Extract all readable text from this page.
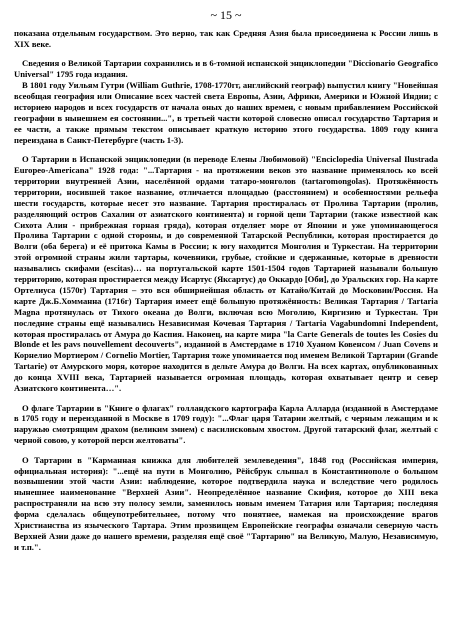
~ 15 ~

показана отдельным государством. Это верно, так как Средняя Азия была присоединена к России лишь в XIX веке.

Сведения о Великой Тартарии сохранились и в 6-томной испанской энциклопедии "Diccionario Geografico Universal" 1795 года издания.

В 1801 году Уильям Гутри (William Guthrie, 1708-1770гг, английский географ) выпустил книгу "Новейшая всеобщая география или Описание всех частей света Европы, Азии, Африки, Америки и Южной Индии; с историею народов и всех государств от начала оных до наших времен, с новым прибавлением Российской географии в нынешнем ея состоянии...", в третьей части которой словесно описал государство Тартария и ее части, а также прямым текстом описывает краткую историю этого государства. 1809 году книга переиздана в Санкт-Петербурге (часть 1-3).

О Тартарии в Испанской энциклопедии (в переводе Елены Любимовой) "Enciclopedia Universal Ilustrada Europeo-Americana" 1928 года: "...Тартария - на протяжении веков это название применялось ко всей территории внутренней Азии, населённой ордами татаро-монголов (tartaromongolas). Протяжённость территории, носившей такое название, отличается площадью (расстоянием) и особенностями рельефа шести государств, которые несет это название. Тартария простиралась от Пролива Тартарии (пролив, разделяющий остров Сахалин от азиатского континента) и горной цепи Тартарии (также известной как Сихота Алин - прибрежная горная гряда), которая отделяет море от Японии и уже упоминающегося Пролива Тартарии с одной стороны, и до современной Татарской Республики, которая простирается до Волги (оба берега) и её притока Камы в России; к югу находится Монголия и Туркестан. На территории этой огромной страны жили тартары, кочевники, грубые, стойкие и сдержанные, которые в древности назывались скифами (escitas)… на португальской карте 1501-1504 годов Тартарией называли большую территорию, которая простирается между Иcартус (Яксартус) до Оккардо [Оби], до Уральских гор. На карте Ортелиуса (1570г) Тартария – это вся обширнейшая область от Катайо/Китай до Московии/Россия. На карте Дж.Б.Хомманна (1716г) Тартария имеет ещё большую протяжённость: Великая Тартария / Tartaria Magna протянулась от Тихого океана до Волги, включая всю Моголию, Киргизию и Туркестан. Три последние страны ещё назывались Независимая Кочевая Тартария / Tartaria Vagabundomni Independent, которая простиралась от Амура до Каспия. Наконец, на карте мира "la Carte Generals de toutes les Cosies du Blonde et les pavs nouvellement decouverts", изданной в Амстердаме в 1710 Хуаном Ковенсом / Juan Covens и Корнелио Мортиером / Cornelio Mortier, Тартария тоже упоминается под именем Великой Тартарии (Grande Tartarie) от Амурского моря, которое находится в дельте Амура до Волги. На всех картах, опубликованных до конца XVIII века, Тартарией называется огромная площадь, которая охватывает центр и север Азиатского континента…".

О флаге Тартарии в "Книге о флагах" голландского картографа Карла Алларда (изданной в Амстердаме в 1705 году и переизданной в Москве в 1709 году): "...Флаг царя Татарии желтый, с черным лежащим и к наружью смотрящим драхом (великим змием) с василисковым хвостом. Другой татарский флаг, желтый с черной совою, у которой перси желтоваты".

О Тартарии в "Карманная книжка для любителей землеведения", 1848 год (Российская империя, официальная история): "...ещё на пути в Монголию, Рёйсбрук слышал в Константинополе о большом возвышении этой части Азии: наблюдение, которое подтвердила наука и вследствие чего родилось нынешнее наименование "Верхней Азии". Неопределённое название Скифия, которое до XIII века распространяли на всю эту полосу земли, заменилось новым именем Татария или Тартария; последняя форма сделалась общеупотребительнее, потому что понятнее, намекая на происхождение врагов Христианства из языческого Тартара. Этим прозвищем Европейские географы означали северную часть Верхней Азии даже до нашего времени, разделяя ещё своё "Тартарию" на Великую, Малую, Независимую, и т.п.".
